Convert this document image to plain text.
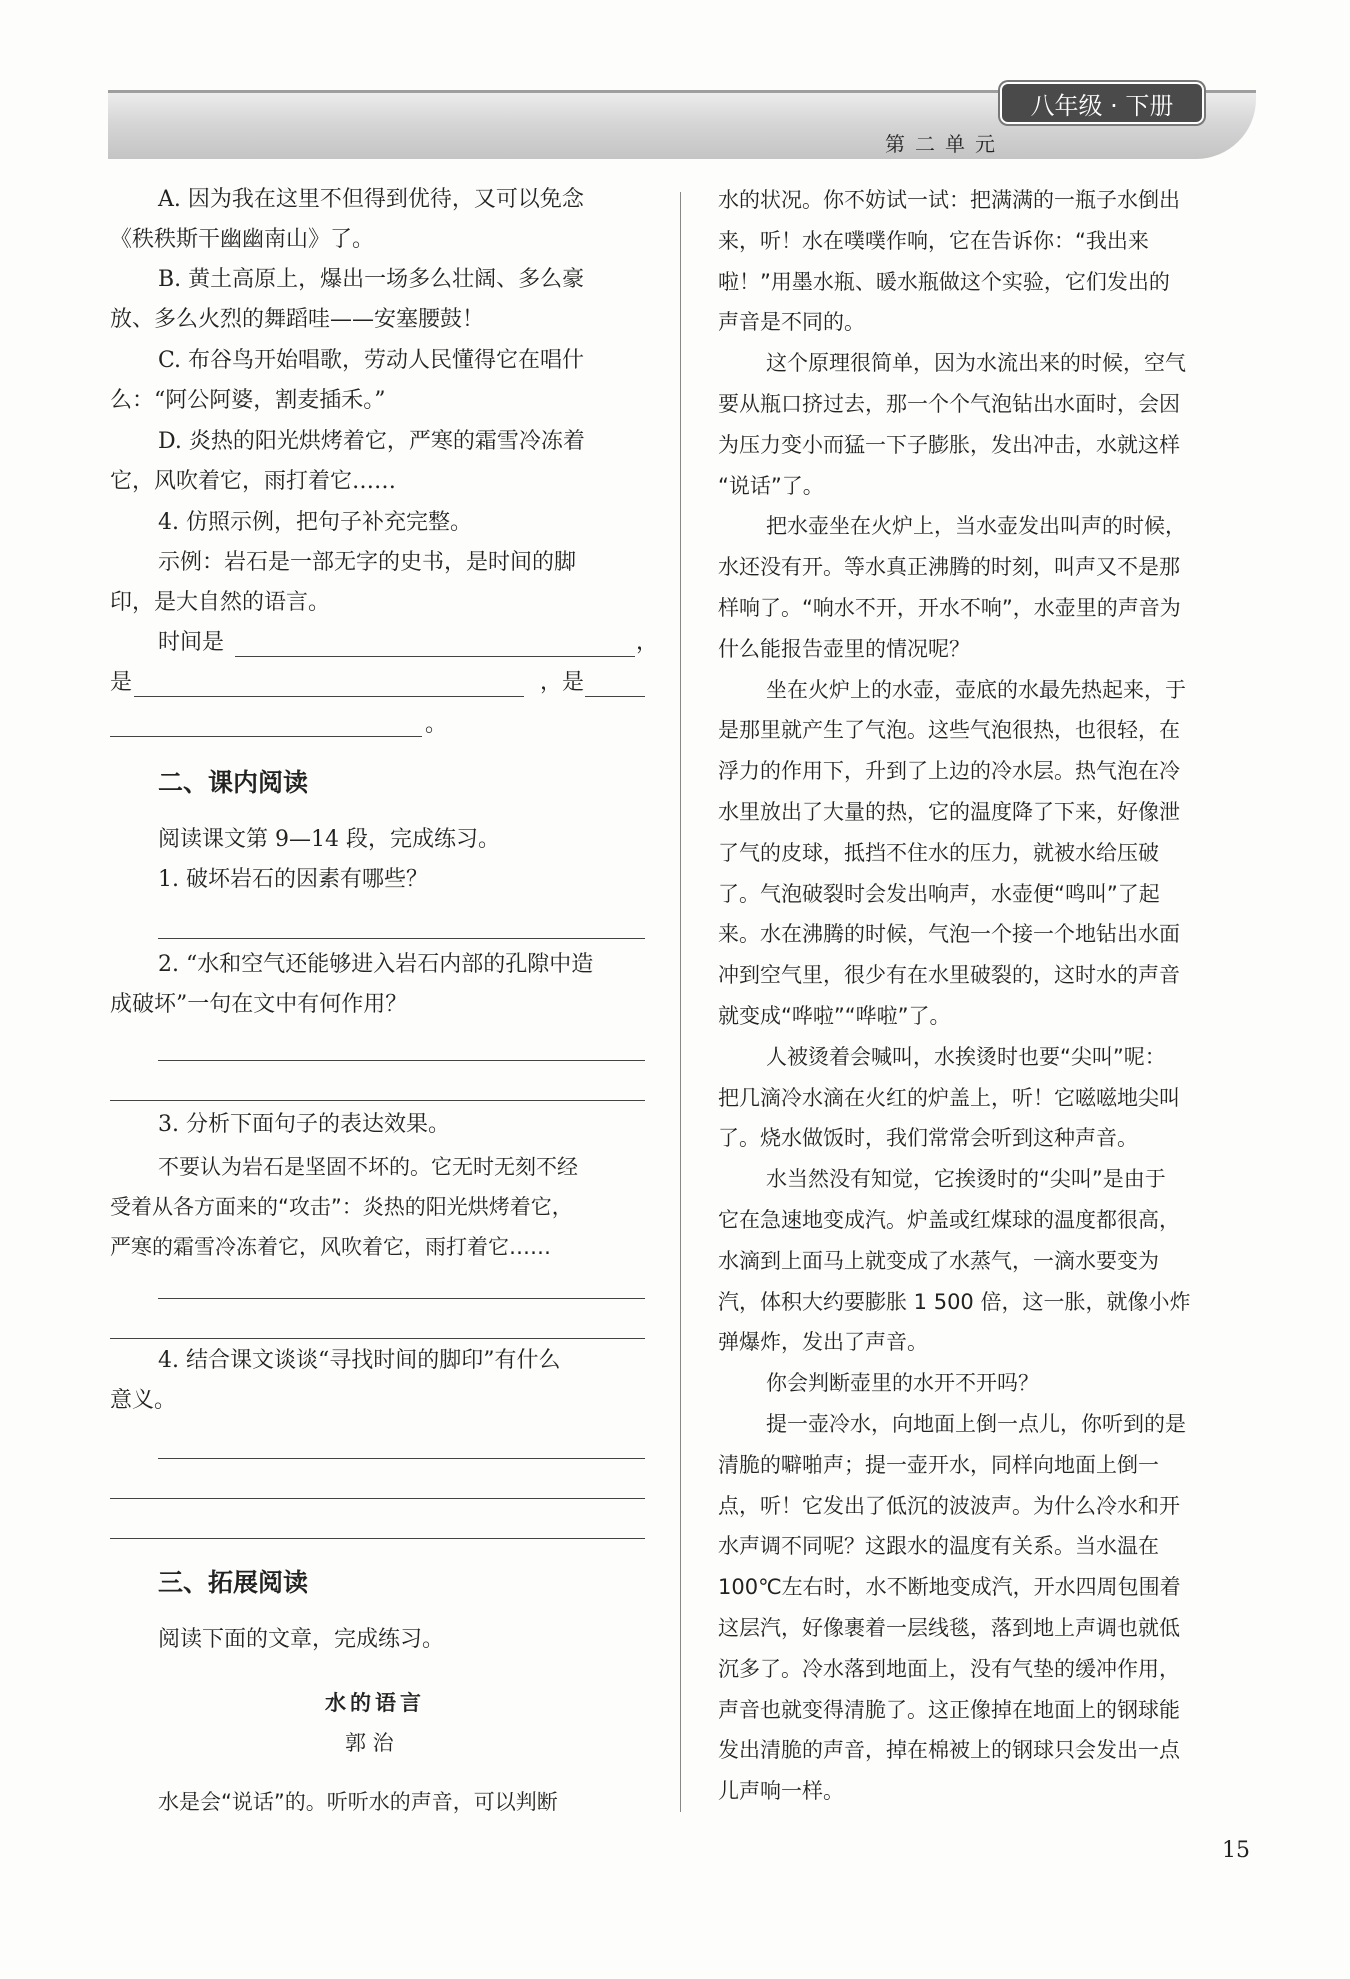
八年级 · 下册
第二单元
A. 因为我在这里不但得到优待，又可以免念
《秩秩斯干幽幽南山》了。
B. 黄土高原上，爆出一场多么壮阔、多么豪
放、多么火烈的舞蹈哇——安塞腰鼓！
C. 布谷鸟开始唱歌，劳动人民懂得它在唱什
么：“阿公阿婆，割麦插禾。”
D. 炎热的阳光烘烤着它，严寒的霜雪冷冻着
它，风吹着它，雨打着它……
4. 仿照示例，把句子补充完整。
示例：岩石是一部无字的史书，是时间的脚
印，是大自然的语言。
时间是	，
是	，是
。
二、课内阅读
阅读课文第 9—14 段，完成练习。
1. 破坏岩石的因素有哪些？
2. “水和空气还能够进入岩石内部的孔隙中造
成破坏”一句在文中有何作用？
3. 分析下面句子的表达效果。
不要认为岩石是坚固不坏的。它无时无刻不经
受着从各方面来的“攻击”：炎热的阳光烘烤着它，
严寒的霜雪冷冻着它，风吹着它，雨打着它……
4. 结合课文谈谈“寻找时间的脚印”有什么
意义。
三、拓展阅读
阅读下面的文章，完成练习。
水的语言
郭 治
水是会“说话”的。听听水的声音，可以判断
水的状况。你不妨试一试：把满满的一瓶子水倒出
来，听！水在噗噗作响，它在告诉你：“我出来
啦！”用墨水瓶、暖水瓶做这个实验，它们发出的
声音是不同的。
这个原理很简单，因为水流出来的时候，空气
要从瓶口挤过去，那一个个气泡钻出水面时，会因
为压力变小而猛一下子膨胀，发出冲击，水就这样
“说话”了。
把水壶坐在火炉上，当水壶发出叫声的时候，
水还没有开。等水真正沸腾的时刻，叫声又不是那
样响了。“响水不开，开水不响”，水壶里的声音为
什么能报告壶里的情况呢？
坐在火炉上的水壶，壶底的水最先热起来，于
是那里就产生了气泡。这些气泡很热，也很轻，在
浮力的作用下，升到了上边的冷水层。热气泡在冷
水里放出了大量的热，它的温度降了下来，好像泄
了气的皮球，抵挡不住水的压力，就被水给压破
了。气泡破裂时会发出响声，水壶便“鸣叫”了起
来。水在沸腾的时候，气泡一个接一个地钻出水面
冲到空气里，很少有在水里破裂的，这时水的声音
就变成“哗啦”“哗啦”了。
人被烫着会喊叫，水挨烫时也要“尖叫”呢：
把几滴冷水滴在火红的炉盖上，听！它嗞嗞地尖叫
了。烧水做饭时，我们常常会听到这种声音。
水当然没有知觉，它挨烫时的“尖叫”是由于
它在急速地变成汽。炉盖或红煤球的温度都很高，
水滴到上面马上就变成了水蒸气，一滴水要变为
汽，体积大约要膨胀 1 500 倍，这一胀，就像小炸
弹爆炸，发出了声音。
你会判断壶里的水开不开吗？
提一壶冷水，向地面上倒一点儿，你听到的是
清脆的噼啪声；提一壶开水，同样向地面上倒一
点，听！它发出了低沉的波波声。为什么冷水和开
水声调不同呢？这跟水的温度有关系。当水温在
100℃左右时，水不断地变成汽，开水四周包围着
这层汽，好像裹着一层线毯，落到地上声调也就低
沉多了。冷水落到地面上，没有气垫的缓冲作用，
声音也就变得清脆了。这正像掉在地面上的钢球能
发出清脆的声音，掉在棉被上的钢球只会发出一点
儿声响一样。
15
